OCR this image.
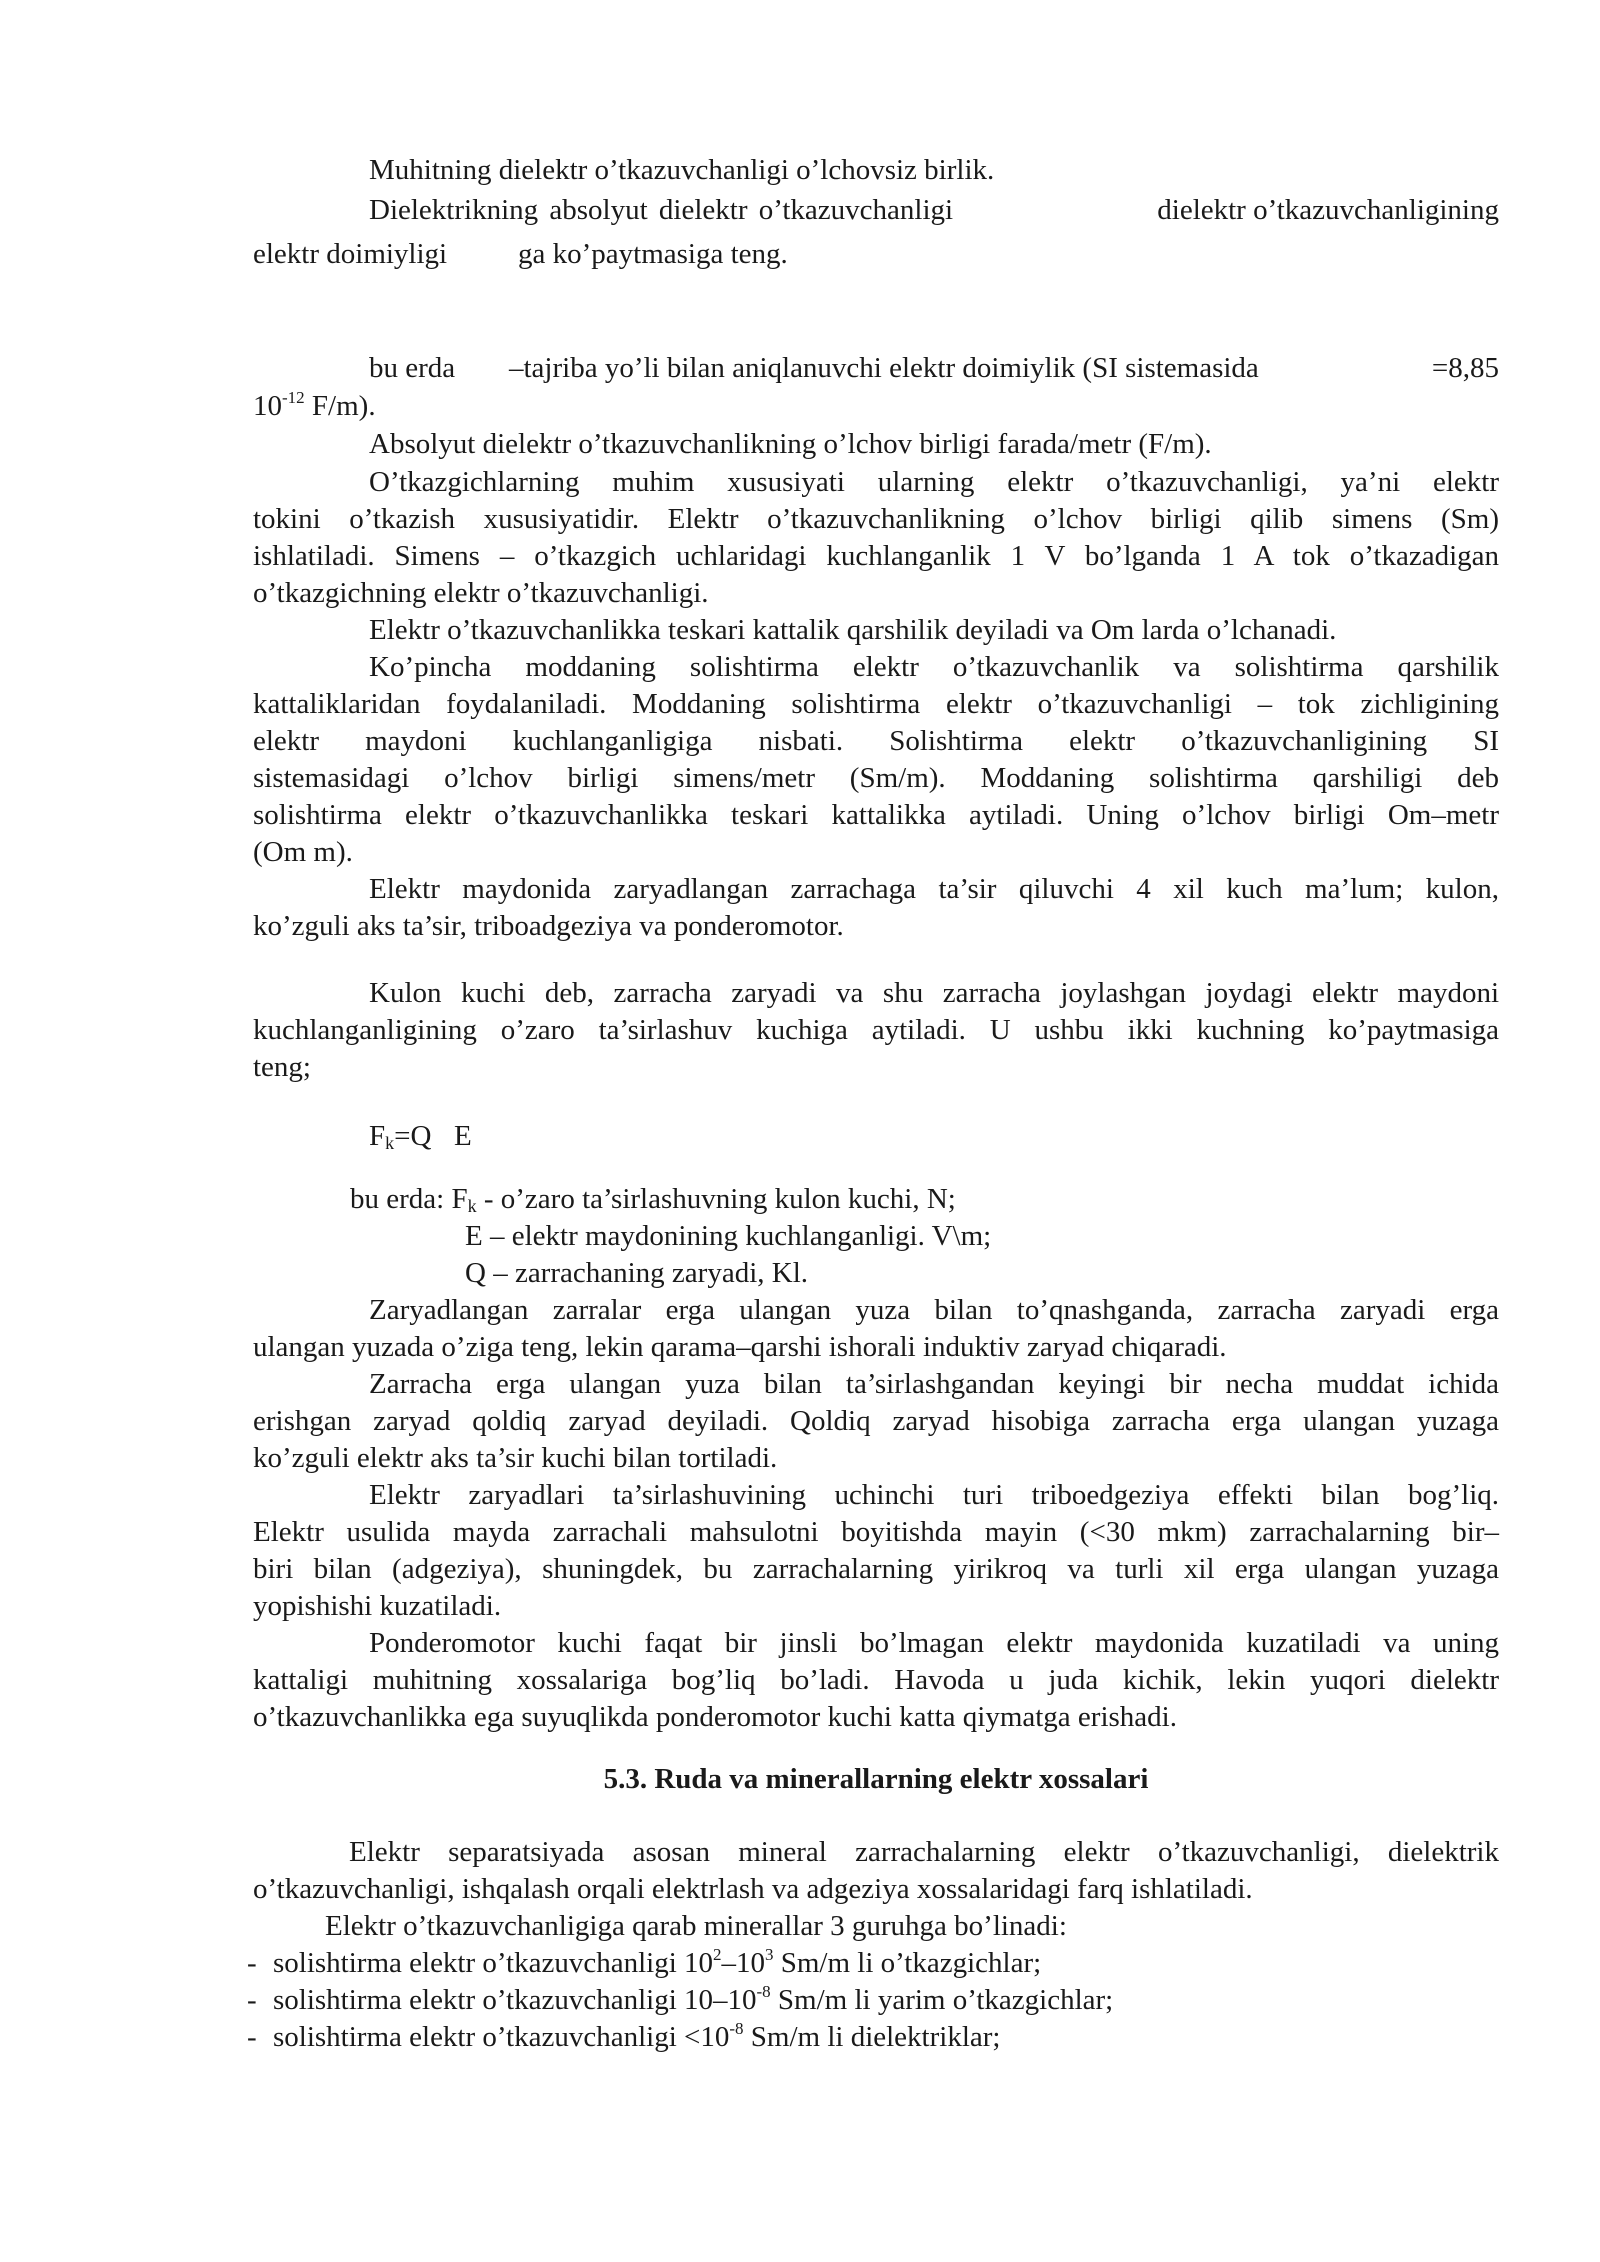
Muhitning dielektr o’tkazuvchanligi o’lchovsiz birlik.
Dielektrikning absolyut dielektr o’tkazuvchanligi	dielektr o’tkazuvchanligining
elektr doimiyligi ga ko’paytmasiga teng.
bu erda –tajriba yo’li bilan aniqlanuvchi elektr doimiylik (SI sistemasida	=8,85
$10^{-12}$ F/m).
Absolyut dielektr o’tkazuvchanlikning o’lchov birligi farada/metr (F/m).
O’tkazgichlarning muhim xususiyati ularning elektr o’tkazuvchanligi, ya’ni elektr
tokini o’tkazish xususiyatidir. Elektr o’tkazuvchanlikning o’lchov birligi qilib simens (Sm)
ishlatiladi. Simens – o’tkazgich uchlaridagi kuchlanganlik 1 V bo’lganda 1 A tok o’tkazadigan
o’tkazgichning elektr o’tkazuvchanligi.
Elektr o’tkazuvchanlikka teskari kattalik qarshilik deyiladi va Om larda o’lchanadi.
Ko’pincha moddaning solishtirma elektr o’tkazuvchanlik va solishtirma qarshilik
kattaliklaridan foydalaniladi. Moddaning solishtirma elektr o’tkazuvchanligi – tok zichligining
elektr maydoni kuchlanganligiga nisbati. Solishtirma elektr o’tkazuvchanligining SI
sistemasidagi o’lchov birligi simens/metr (Sm/m). Moddaning solishtirma qarshiligi deb
solishtirma elektr o’tkazuvchanlikka teskari kattalikka aytiladi. Uning o’lchov birligi Om–metr
(Om m).
Elektr maydonida zaryadlangan zarrachaga ta’sir qiluvchi 4 xil kuch ma’lum; kulon,
ko’zguli aks ta’sir, triboadgeziya va ponderomotor.
Kulon kuchi deb, zarracha zaryadi va shu zarracha joylashgan joydagi elektr maydoni
kuchlanganligining o’zaro ta’sirlashuv kuchiga aytiladi. U ushbu ikki kuchning ko’paytmasiga
teng;
$F_k=Q$ E
bu erda: $F_k$ - o’zaro ta’sirlashuvning kulon kuchi, N;
E – elektr maydonining kuchlanganligi. V\m;
Q – zarrachaning zaryadi, Kl.
Zaryadlangan zarralar erga ulangan yuza bilan to’qnashganda, zarracha zaryadi erga
ulangan yuzada o’ziga teng, lekin qarama–qarshi ishorali induktiv zaryad chiqaradi.
Zarracha erga ulangan yuza bilan ta’sirlashgandan keyingi bir necha muddat ichida
erishgan zaryad qoldiq zaryad deyiladi. Qoldiq zaryad hisobiga zarracha erga ulangan yuzaga
ko’zguli elektr aks ta’sir kuchi bilan tortiladi.
Elektr zaryadlari ta’sirlashuvining uchinchi turi triboedgeziya effekti bilan bog’liq.
Elektr usulida mayda zarrachali mahsulotni boyitishda mayin (<30 mkm) zarrachalarning bir–
biri bilan (adgeziya), shuningdek, bu zarrachalarning yirikroq va turli xil erga ulangan yuzaga
yopishishi kuzatiladi.
Ponderomotor kuchi faqat bir jinsli bo’lmagan elektr maydonida kuzatiladi va uning
kattaligi muhitning xossalariga bog’liq bo’ladi. Havoda u juda kichik, lekin yuqori dielektr
o’tkazuvchanlikka ega suyuqlikda ponderomotor kuchi katta qiymatga erishadi.
5.3. Ruda va minerallarning elektr xossalari
Elektr separatsiyada asosan mineral zarrachalarning elektr o’tkazuvchanligi, dielektrik
o’tkazuvchanligi, ishqalash orqali elektrlash va adgeziya xossalaridagi farq ishlatiladi.
Elektr o’tkazuvchanligiga qarab minerallar 3 guruhga bo’linadi:
- solishtirma elektr o’tkazuvchanligi $10^2-10^3$ Sm/m li o’tkazgichlar;
- solishtirma elektr o’tkazuvchanligi $10-10^{-8}$ Sm/m li yarim o’tkazgichlar;
- solishtirma elektr o’tkazuvchanligi $<10^{-8}$ Sm/m li dielektriklar;
